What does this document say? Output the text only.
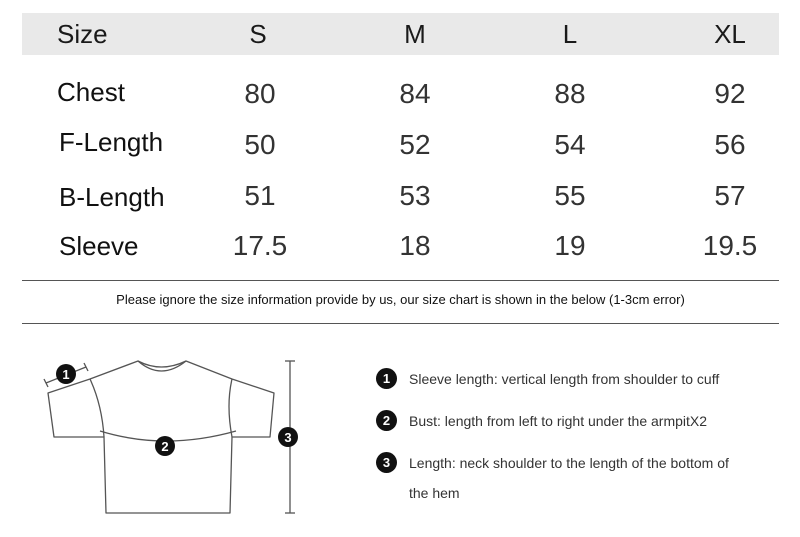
Size	S	M	L	XL
Chest	80	84	88	92
F-Length	50	52	54	56
B-Length	51	53	55	57
Sleeve	17.5	18	19	19.5
Please ignore the size information provide by us, our size chart is shown in the below (1-3cm error)
1
2
3
1	Sleeve length: vertical length from shoulder to cuff
2	Bust: length from left to right under the armpitX2
3	Length: neck shoulder to the length of the bottom of the hem
